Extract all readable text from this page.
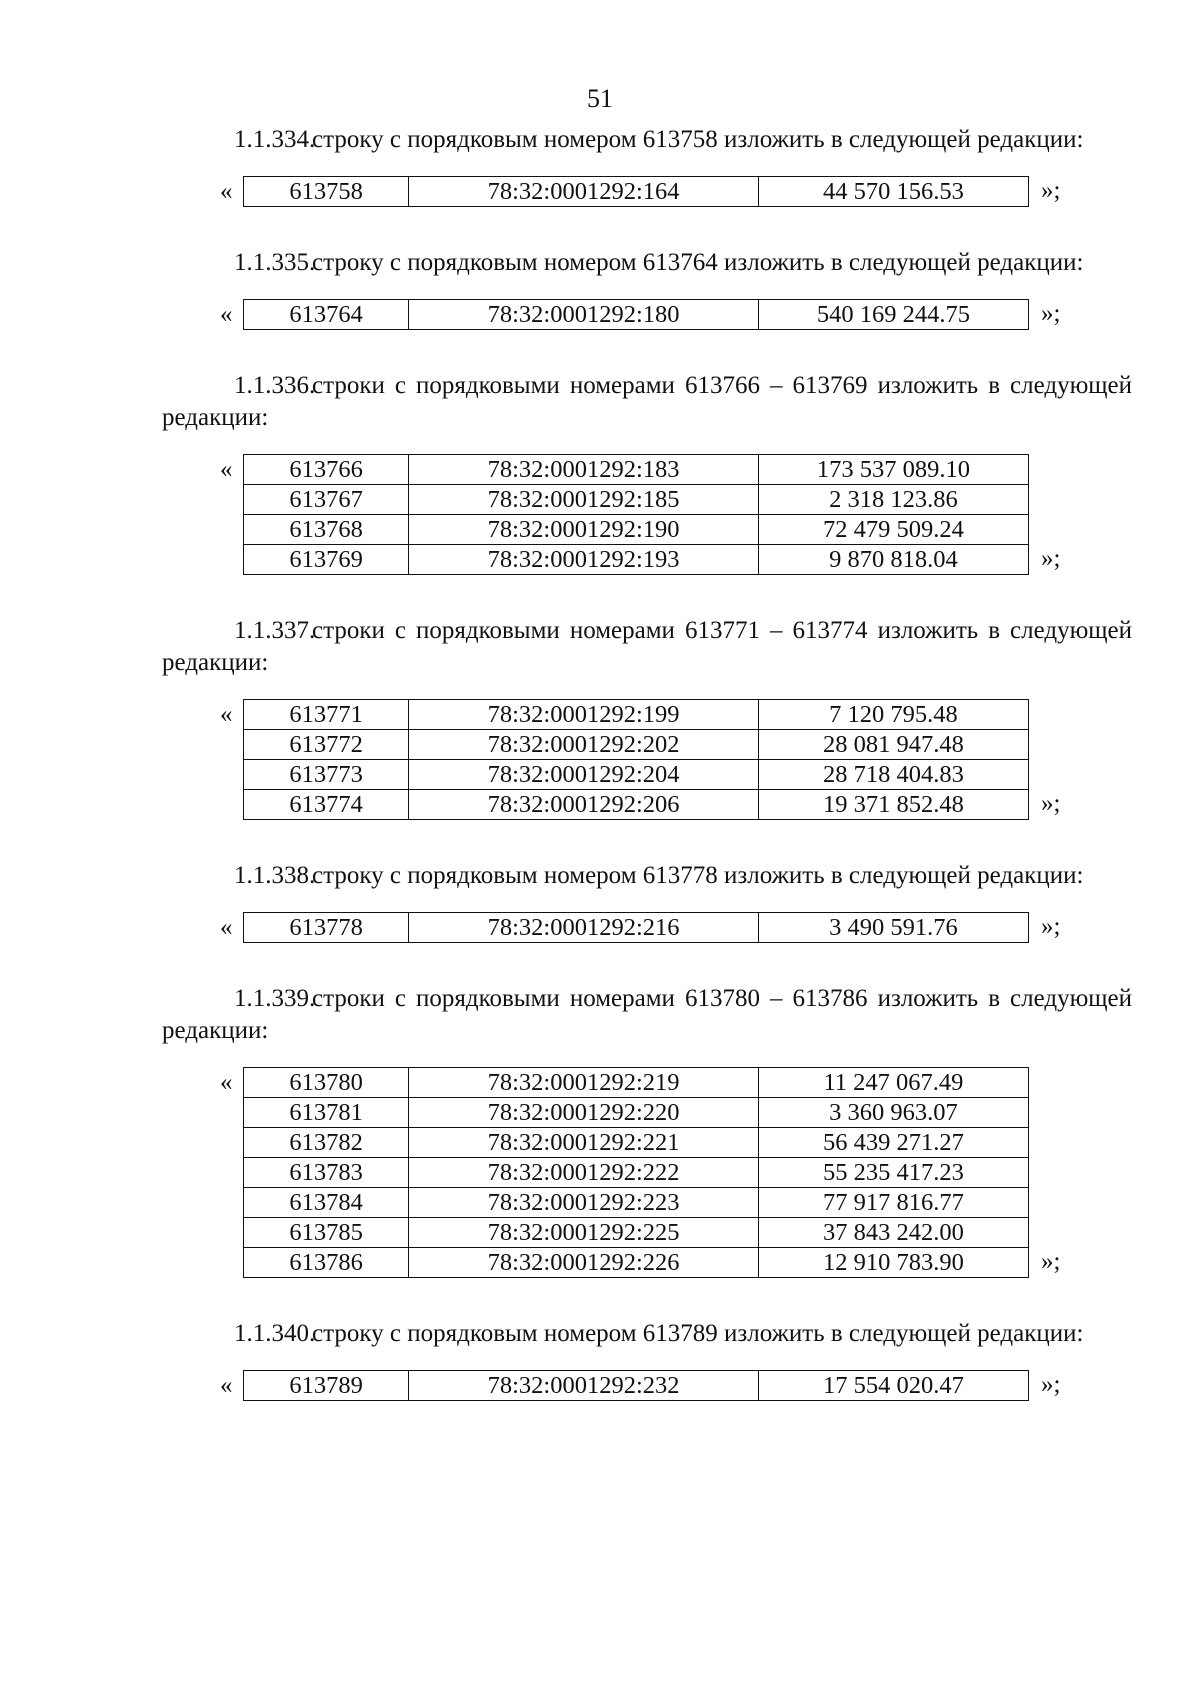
51
1.1.334.строку с порядковым номером 613758 изложить в следующей редакции:
« 613758	78:32:0001292:164	44 570 156.53	»;
1.1.335.строку с порядковым номером 613764 изложить в следующей редакции:
« 613764	78:32:0001292:180	540 169 244.75	»;
1.1.336.строки с порядковыми номерами 613766 – 613769 изложить в следующей редакции:
« 613766	78:32:0001292:183	173 537 089.10
613767	78:32:0001292:185	2 318 123.86
613768	78:32:0001292:190	72 479 509.24
613769	78:32:0001292:193	9 870 818.04	»;
1.1.337.строки с порядковыми номерами 613771 – 613774 изложить в следующей редакции:
« 613771	78:32:0001292:199	7 120 795.48
613772	78:32:0001292:202	28 081 947.48
613773	78:32:0001292:204	28 718 404.83
613774	78:32:0001292:206	19 371 852.48	»;
1.1.338.строку с порядковым номером 613778 изложить в следующей редакции:
« 613778	78:32:0001292:216	3 490 591.76	»;
1.1.339.строки с порядковыми номерами 613780 – 613786 изложить в следующей редакции:
« 613780	78:32:0001292:219	11 247 067.49
613781	78:32:0001292:220	3 360 963.07
613782	78:32:0001292:221	56 439 271.27
613783	78:32:0001292:222	55 235 417.23
613784	78:32:0001292:223	77 917 816.77
613785	78:32:0001292:225	37 843 242.00
613786	78:32:0001292:226	12 910 783.90	»;
1.1.340.строку с порядковым номером 613789 изложить в следующей редакции:
« 613789	78:32:0001292:232	17 554 020.47	»;
